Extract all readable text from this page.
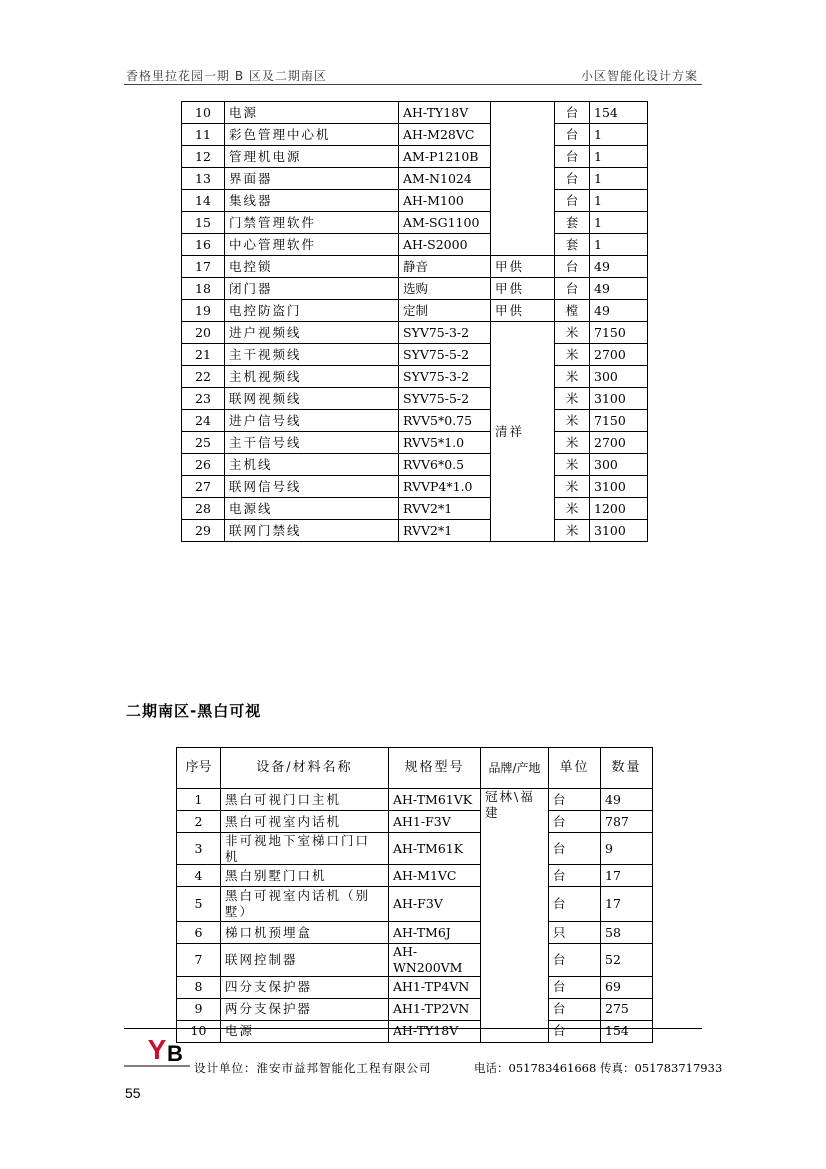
香格里拉花园一期 B 区及二期南区	小区智能化设计方案
10	电源	AH-TY18V		台	154
11	彩色管理中心机	AH-M28VC		台	1
12	管理机电源	AM-P1210B		台	1
13	界面器	AM-N1024		台	1
14	集线器	AH-M100		台	1
15	门禁管理软件	AM-SG1100		套	1
16	中心管理软件	AH-S2000		套	1
17	电控锁	静音	甲供	台	49
18	闭门器	选购	甲供	台	49
19	电控防盗门	定制	甲供	樘	49
20	进户视频线	SYV75-3-2	清祥	米	7150
21	主干视频线	SYV75-5-2		米	2700
22	主机视频线	SYV75-3-2		米	300
23	联网视频线	SYV75-5-2		米	3100
24	进户信号线	RVV5*0.75		米	7150
25	主干信号线	RVV5*1.0		米	2700
26	主机线	RVV6*0.5		米	300
27	联网信号线	RVVP4*1.0		米	3100
28	电源线	RVV2*1		米	1200
29	联网门禁线	RVV2*1		米	3100
二期南区-黑白可视
序号	设备/材料名称	规格型号	品牌/产地	单位	数量
1	黑白可视门口主机	AH-TM61VK	冠林\福建	台	49
2	黑白可视室内话机	AH1-F3V		台	787
3	非可视地下室梯口门口机	AH-TM61K		台	9
4	黑白别墅门口机	AH-M1VC		台	17
5	黑白可视室内话机（别墅）	AH-F3V		台	17
6	梯口机预埋盒	AH-TM6J		只	58
7	联网控制器	AH-WN200VM		台	52
8	四分支保护器	AH1-TP4VN		台	69
9	两分支保护器	AH1-TP2VN		台	275
10	电源	AH-TY18V		台	154
Y B
设计单位：淮安市益邦智能化工程有限公司	电话：051783461668 传真：051783717933
55
